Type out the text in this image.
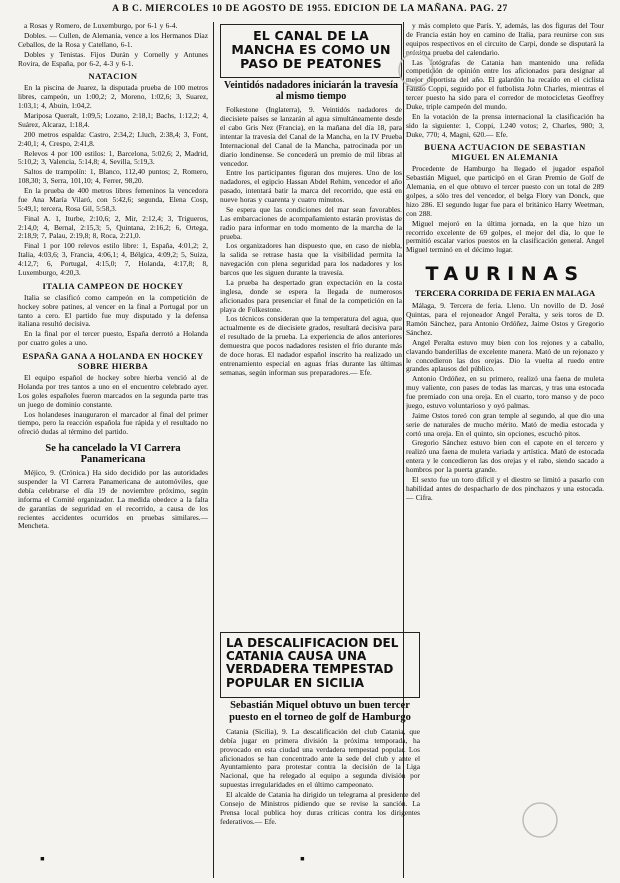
A B C. MIERCOLES 10 DE AGOSTO DE 1955. EDICION DE LA MAÑANA. PAG. 27

a Rosas y Romero, de Luxemburgo, por 6-1 y 6-4.

Dobles. — Cullen, de Alemania, vence a los Hermanos Díaz Ceballos, de la Rosa y Catellano, 6-1.

Dobles y Tenistas. Fijos Durán y Cornelly y Antunes Rovira, de España, por 6-2, 4-3 y 6-1.

NATACION

En la piscina de Juarez, la disputada prueba de 100 metros libres, campeón, un 1:00,2; 2, Moreno, 1:02,6; 3, Suarez, 1:03,1; 4, Abuin, 1:04,2.

Mariposa Queralt, 1:09,5; Lozano, 2:18,1; Bachs, 1:12,2; 4, Suárez, Alcaraz, 1:18,4.

200 metros espalda: Castro, 2:34,2; Lluch, 2:38,4; 3, Font, 2:40,1; 4, Crespo, 2:41,8.

Relevos 4 por 100 estilos: 1, Barcelona, 5:02,6; 2, Madrid, 5:10,2; 3, Valencia, 5:14,8; 4, Sevilla, 5:19,3.

Saltos de trampolín: 1, Blanco, 112,40 puntos; 2, Romero, 108,30; 3, Serra, 101,10; 4, Ferrer, 98,20.

En la prueba de 400 metros libres femeninos la vencedora fue Ana María Vilaró, con 5:42,6; segunda, Elena Cosp, 5:49,1; tercera, Rosa Gil, 5:58,3.

Final A. 1, Iturbe, 2:10,6; 2, Mir, 2:12,4; 3, Trigueros, 2:14,0; 4, Bernal, 2:15,3; 5, Quintana, 2:16,2; 6, Ortega, 2:18,9; 7, Palau, 2:19,8; 8, Roca, 2:21,0.

Final 1 por 100 relevos estilo libre: 1, España, 4:01,2; 2, Italia, 4:03,6; 3, Francia, 4:06,1; 4, Bélgica, 4:09,2; 5, Suiza, 4:12,7; 6, Portugal, 4:15,0; 7, Holanda, 4:17,8; 8, Luxemburgo, 4:20,3.

ITALIA CAMPEON DE HOCKEY

Italia se clasificó como campeón en la competición de hockey sobre patines, al vencer en la final a Portugal por un tanto a cero. El partido fue muy disputado y la defensa italiana resultó decisiva.

En la final por el tercer puesto, España derrotó a Holanda por cuatro goles a uno.

ESPAÑA GANA A HOLANDA EN HOCKEY SOBRE HIERBA

El equipo español de hockey sobre hierba venció al de Holanda por tres tantos a uno en el encuentro celebrado ayer. Los goles españoles fueron marcados en la segunda parte tras un juego de dominio constante.

Los holandeses inauguraron el marcador al final del primer tiempo, pero la reacción española fue rápida y el resultado no ofreció dudas al término del partido.

Se ha cancelado la VI Carrera Panamericana

Méjico, 9. (Crónica.) Ha sido decidido por las autoridades suspender la VI Carrera Panamericana de automóviles, que debía celebrarse el día 19 de noviembre próximo, según informa el Comité organizador. La medida obedece a la falta de garantías de seguridad en el recorrido, a causa de los recientes accidentes ocurridos en pruebas similares.— Mencheta.

EL CANAL DE LA MANCHA ES COMO UN PASO DE PEATONES
Veintidós nadadores iniciarán la travesía al mismo tiempo

Folkestone (Inglaterra), 9. Veintidós nadadores de diecisiete países se lanzarán al agua simultáneamente desde el cabo Gris Nez (Francia), en la mañana del día 18, para intentar la travesía del Canal de la Mancha, en la IV Prueba Internacional del Canal de la Mancha, patrocinada por un diario londinense. Se concederá un premio de mil libras al vencedor.

Entre los participantes figuran dos mujeres. Uno de los nadadores, el egipcio Hassan Abdel Rehim, vencedor el año pasado, intentará batir la marca del recorrido, que está en nueve horas y cuarenta y cuatro minutos.

Se espera que las condiciones del mar sean favorables. Las embarcaciones de acompañamiento estarán provistas de radio para informar en todo momento de la marcha de la prueba.

Los organizadores han dispuesto que, en caso de niebla, la salida se retrase hasta que la visibilidad permita la navegación con plena seguridad para los nadadores y los barcos que les siguen durante la travesía.

La prueba ha despertado gran expectación en la costa inglesa, donde se espera la llegada de numerosos aficionados para presenciar el final de la competición en la playa de Folkestone.

Los técnicos consideran que la temperatura del agua, que actualmente es de diecisiete grados, resultará decisiva para el resultado de la prueba. La experiencia de años anteriores demuestra que pocos nadadores resisten el frío durante más de doce horas. El nadador español inscrito ha realizado un entrenamiento especial en aguas frías durante las últimas semanas, según informan sus preparadores.— Efe.

LA DESCALIFICACION DEL CATANIA CAUSA UNA VERDADERA TEMPESTAD POPULAR EN SICILIA
Sebastián Miquel obtuvo un buen tercer puesto en el torneo de golf de Hamburgo

Catania (Sicilia), 9. La descalificación del club Catania, que debía jugar en primera división la próxima temporada, ha provocado en esta ciudad una verdadera tempestad popular. Los aficionados se han concentrado ante la sede del club y ante el Ayuntamiento para protestar contra la decisión de la Liga Nacional, que ha relegado al equipo a segunda división por supuestas irregularidades en el último campeonato.

El alcalde de Catania ha dirigido un telegrama al presidente del Consejo de Ministros pidiendo que se revise la sanción. La Prensa local publica hoy duras críticas contra los dirigentes federativos.— Efe.

y más completo que París. Y, además, las dos figuras del Tour de Francia están hoy en camino de Italia, para reunirse con sus equipos respectivos en el circuito de Carpi, donde se disputará la próxima prueba del calendario.

Las fotógrafas de Catania han mantenido una reñida competición de opinión entre los aficionados para designar al mejor deportista del año. El galardón ha recaído en el ciclista Fausto Coppi, seguido por el futbolista John Charles, mientras el tercer puesto ha sido para el corredor de motocicletas Geoffrey Duke, triple campeón del mundo.

En la votación de la prensa internacional la clasificación ha sido la siguiente: 1, Coppi, 1.240 votos; 2, Charles, 980; 3, Duke, 770; 4, Magni, 620.— Efe.

BUENA ACTUACION DE SEBASTIAN MIGUEL EN ALEMANIA

Procedente de Hamburgo ha llegado el jugador español Sebastián Miguel, que participó en el Gran Premio de Golf de Alemania, en el que obtuvo el tercer puesto con un total de 289 golpes, a sólo tres del vencedor, el belga Flory van Donck, que hizo 286. El segundo lugar fue para el británico Harry Weetman, con 288.

Miguel mejoró en la última jornada, en la que hizo un recorrido excelente de 69 golpes, el mejor del día, lo que le permitió escalar varios puestos en la clasificación general. Angel Miguel terminó en el décimo lugar.

TAURINAS
TERCERA CORRIDA DE FERIA EN MALAGA

Málaga, 9. Tercera de feria. Lleno. Un novillo de D. José Quintas, para el rejoneador Angel Peralta, y seis toros de D. Ramón Sánchez, para Antonio Ordóñez, Jaime Ostos y Gregorio Sánchez.

Angel Peralta estuvo muy bien con los rejones y a caballo, clavando banderillas de excelente manera. Mató de un rejonazo y le concedieron las dos orejas. Dio la vuelta al ruedo entre grandes aplausos del público.

Antonio Ordóñez, en su primero, realizó una faena de muleta muy valiente, con pases de todas las marcas, y tras una estocada fue premiado con una oreja. En el cuarto, toro manso y de poco juego, estuvo voluntarioso y oyó palmas.

Jaime Ostos toreó con gran temple al segundo, al que dio una serie de naturales de mucho mérito. Mató de media estocada y cortó una oreja. En el quinto, sin opciones, escuchó pitos.

Gregorio Sánchez estuvo bien con el capote en el tercero y realizó una faena de muleta variada y artística. Mató de estocada entera y le concedieron las dos orejas y el rabo, siendo sacado a hombros por la puerta grande.

El sexto fue un toro difícil y el diestro se limitó a pasarlo con habilidad antes de despacharlo de dos pinchazos y una estocada.— Cifra.

▪	▪
